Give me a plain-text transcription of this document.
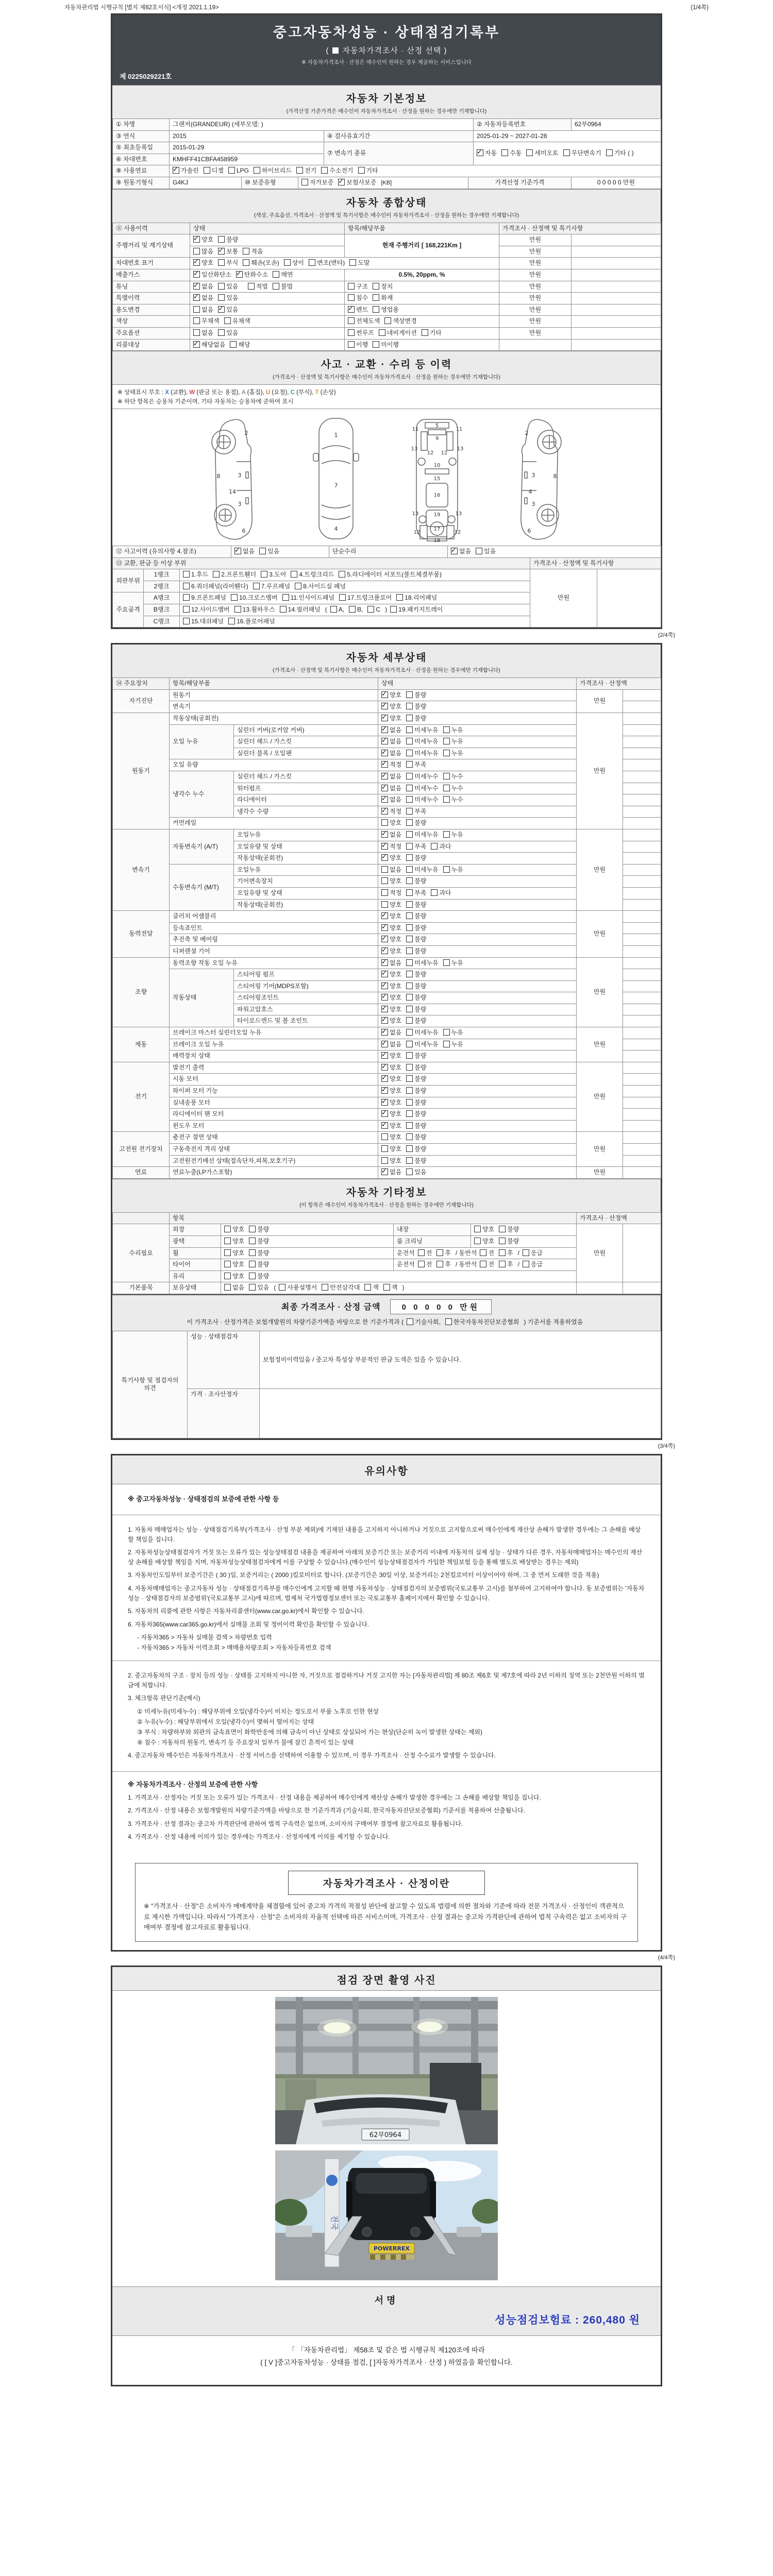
자동차관리법 시행규칙 [별지 제82호서식] <개정 2021.1.19>	(1/4쪽)
중고자동차성능 · 상태점검기록부
( 자동차가격조사 · 산정 선택 )
※ 자동차가격조사 · 산정은 매수인이 원하는 경우 제공하는 서비스입니다
제 0225029221호
자동차 기본정보
(가격산정 기준가격은 매수인이 자동차가격조사 · 산정을 원하는 경우에만 기재합니다)
① 차명	그랜저(GRANDEUR) (세부모델: )	② 자동차등록번호	62부0964
③ 연식	2015	④ 검사유효기간	2025-01-29 ~ 2027-01-28
⑤ 최초등록일	2015-01-29	⑦ 변속기 종류	✓자동 수동 세미오토 무단변속기 기타 ( )
⑥ 차대번호	KMHFF41CBFA458959		
⑧ 사용연료	✓가솔린 디젤 LPG 하이브리드 전기 수소전기 기타
⑨ 원동기형식	G4KJ	⑩ 보증유형	자가보증 ✓ 보험사보증 [KB]	가격산정 기준가격	0 0 0 0 0 만원
자동차 종합상태
(색상, 주요옵션, 가격조사 · 산정액 및 특기사항은 매수인이 자동차가격조사 · 산정을 원하는 경우에만 기재합니다)
⑪ 사용이력	상태	항목/해당부품	가격조사 · 산정액 및 특기사항	
주행거리 및 계기상태	✓양호 불량	현재 주행거리 [ 168,221Km ]	만원	
	많음 ✓ 보통 적음		만원	
차대번호 표기	✓양호 부식 훼손(오손) 상이 변조(변타) 도말		만원	
배출가스	✓일산화탄소 ✓ 탄화수소 매연	0.5%, 20ppm, %	만원	
튜닝	✓없음 있음 적법 불법	구조 장치	만원	
특별이력	✓없음 있음	침수 화재	만원	
용도변경	없음 ✓ 있음	✓렌트 영업용	만원	
색상	무채색 유채색	전체도색 색상변경	만원	
주요옵션	없음 있음	썬루프 네비게이션 기타	만원	
리콜대상	✓해당없음 해당	이행 미이행		
사고 · 교환 · 수리 등 이력
(가격조사 · 산정액 및 특기사항은 매수인이 자동차가격조사 · 산정을 원하는 경우에만 기재합니다)
※ 상태표시 부호 : X (교환), W (판금 또는 용접), A (흠집), U (요철), C (부식), T (손상)
※ 하단 항목은 승용차 기준이며, 기타 자동차는 승용차에 준하여 표시
2
8	3
14
3
6
1
7
4
5
9
11	11
13	13
12 12
10
15
16
13	13
19
12	12
17
18
2
8
3
4
3
6
⑫ 사고이력 (유의사항 4.참조)	✓없음 있음	단순수리	✓없음 있음
⑬ 교환, 판금 등 이상 부위			가격조사 · 산정액 및 특기사항	
외판부위	1랭크	1.후드 2.프론트휀더 3.도어 4.트렁크리드 5.라디에이터 서포트(볼트체결부품)	만원	
	2랭크	6.쿼더패널(리어휀다) 7.루프패널 8.사이드실 패널		
주요골격	A랭크	9.프론트패널 10.크로스멤버 11.인사이드패널 17.트렁크플로어 18.리어패널		
	B랭크	12.사이드멤버 13.휠하우스 14.필러패널 ( A, B, C ) 19.패키지트레이		
	C랭크	15.대쉬패널 16.플로어패널		
(2/4쪽)
자동차 세부상태
(가격조사 · 산정액 및 특기사항은 매수인이 자동차가격조사 · 산정을 원하는 경우에만 기재합니다)
⑭ 주요장치	항목/해당부품		상태	가격조사 · 산정액	
자기진단	원동기	✓양호 불량	만원	
	변속기	✓양호 불량	
원동기	작동상태(공회전)	✓양호 불량	만원	
	오일 누유	실린더 커버(로커암 커버)	✓없음 미세누유 누유	
		실린더 헤드 / 가스킷	✓없음 미세누유 누유	
		실린더 블록 / 오일팬	✓없음 미세누유 누유	
	오일 유량	✓적정 부족	
	냉각수 누수	실린더 헤드 / 가스킷	✓없음 미세누수 누수	
		워터펌프	✓없음 미세누수 누수	
		라디에이터	✓없음 미세누수 누수	
		냉각수 수량	✓적정 부족	
	커먼레일		양호 불량		
변속기	자동변속기 (A/T)	오일누유	✓없음 미세누유 누유	만원	
		오일유량 및 상태	✓적정 부족 과다	
		작동상태(공회전)	✓양호 불량	
	수동변속기 (M/T)	오일누유	없음 미세누유 누유		
		기어변속장치	양호 불량		
		오일유량 및 상태	적정 부족 과다		
		작동상태(공회전)	양호 불량		
동력전달	클러치 어셈블리	✓양호 불량	만원	
	등속죠인트	✓양호 불량	
	추진축 및 베어링	✓양호 불량	
	디퍼렌셜 기어	✓양호 불량	
조향	동력조향 작동 오일 누유	✓없음 미세누유 누유	만원	
	작동상태	스티어링 펌프	✓양호 불량	
		스티어링 기어(MDPS포함)	✓양호 불량	
		스티어링조인트	✓양호 불량	
		파워고압호스	✓양호 불량	
		타이로드엔드 및 볼 조인트	✓양호 불량	
제동	브레이크 마스터 실린더오일 누유	✓없음 미세누유 누유	만원	
	브레이크 오일 누유	✓없음 미세누유 누유	
	배력장치 상태	✓양호 불량	
전기	발전기 출력	✓양호 불량	만원	
	시동 모터	✓양호 불량	
	와이퍼 모터 기능	✓양호 불량	
	실내송풍 모터	✓양호 불량	
	라디에이터 팬 모터	✓양호 불량	
	윈도우 모터	✓양호 불량	
고전원 전기장치	충전구 절연 상태		양호 불량	만원	
	구동축전지 격리 상태		양호 불량		
	고전원전기배선 상태(접속단자,피복,보호기구)		양호 불량		
연료	연료누출(LP가스포함)	✓없음 있음	만원	
자동차 기타정보
(이 항목은 매수인이 자동차가격조사 · 산정을 원하는 경우에만 기재합니다)
	항목				가격조사 · 산정액	
수리필요	외장	양호 불량	내장	양호 불량	만원	
	광택	양호 불량	룸 크리닝	양호 불량		
	휠	양호 불량	운전석 전 후 / 동반석 전 후 / 응급			
	타이어	양호 불량	운전석 전 후 / 동반석 전 후 / 응급			
	유리	양호 불량				
기본품목	보유상태	없음 있음 ( 사용설명서 안전삼각대 잭 잭 )				
최종 가격조사 · 산정 금액	0 0 0 0 0 만원
이 가격조사 · 산정가격은 보험개발원의 차량기준가액을 바탕으로 한 기준가격과 ( 기술사회, 한국자동차진단보증협회 ) 기준서를 적용하였음
특기사항 및 점검자의 의견	성능 · 상태점검자	보험정비이력있음 / 중고차 특성상 부분적인 판금 도색은 있을 수 있습니다.
	가격 · 조사산정자	
(3/4쪽)
유의사항
※ 중고자동차성능 · 상태점검의 보증에 관한 사항 등
1. 자동차 매매업자는 성능 · 상태점검기록부(가격조사 · 산정 부분 제외)에 기재된 내용을 고지하지 아니하거나 거짓으로 고지함으로써 매수인에게 재산상 손해가 발생한 경우에는 그 손해를 배상할 책임을 집니다.
2. 자동차성능상태점검자가 거짓 또는 오류가 있는 성능상태점검 내용을 제공하여 아래의 보증기간 또는 보증거리 이내에 자동차의 실제 성능 · 상태가 다른 경우, 자동차매매업자는 매수인의 재산상 손해를 배상할 책임을 지며, 자동차성능상태점검자에게 이를 구상할 수 있습니다.(매수인이 성능상태점검자가 가입한 책임보험 등을 통해 별도로 배상받는 경우는 제외)
3. 자동차인도일부터 보증기간은 ( 30 )일, 보증거리는 ( 2000 )킬로미터로 합니다. (보증기간은 30일 이상, 보증거리는 2천킬로미터 이상이어야 하며, 그 중 먼저 도래한 것을 적용)
4. 자동차매매업자는 중고자동차 성능 · 상태점검기록부를 매수인에게 고지할 때 현행 자동차성능 · 상태점검자의 보증범위(국토교통부 고시)를 첨부하여 고지하여야 합니다. 동 보증범위는 '자동차성능 · 상태점검자의 보증범위'(국토교통부 고시)에 따르며, 법제처 국가법령정보센터 또는 국토교통부 홈페이지에서 확인할 수 있습니다.
5. 자동차의 리콜에 관한 사항은 자동차리콜센터(www.car.go.kr)에서 확인할 수 있습니다.
6. 자동차365(www.car365.go.kr)에서 실매물 조회 및 정비이력 확인을 확인할 수 있습니다.
- 자동차365 > 자동차 실매물 검색 > 차량번호 입력
- 자동차365 > 자동차 이력조회 > 매매용차량조회 > 자동차등록번호 검색
2. 중고자동차의 구조 · 장치 등의 성능 · 상태를 고지하지 아니한 자, 거짓으로 점검하거나 거짓 고지한 자는 [자동차관리법] 제 80조 제6호 및 제7호에 따라 2년 이하의 징역 또는 2천만원 이하의 벌금에 처합니다.
3. 체크항목 판단기준(예시)
① 미세누유(미세누수) : 해당부위에 오일(냉각수)이 비치는 정도로서 부품 노후로 인한 현상
② 누유(누수) : 해당부위에서 오일(냉각수)이 맺혀서 떨어지는 상태
③ 부식 : 차량하부와 외판의 금속표면이 화학반응에 의해 금속이 아닌 상태로 상실되어 가는 현상(단순히 녹이 발생한 상태는 제외)
④ 침수 : 자동차의 원동기, 변속기 등 주요장치 일부가 물에 잠긴 흔적이 있는 상태
4. 중고자동차 매수인은 자동차가격조사 · 산정 서비스를 선택하여 이용할 수 있으며, 이 경우 가격조사 · 산정 수수료가 발생할 수 있습니다.
※ 자동차가격조사 · 산정의 보증에 관한 사항
1. 가격조사 · 산정자는 거짓 또는 오류가 있는 가격조사 · 산정 내용을 제공하여 매수인에게 재산상 손해가 발생한 경우에는 그 손해를 배상할 책임을 집니다.
2. 가격조사 · 산정 내용은 보험개발원의 차량기준가액을 바탕으로 한 기준가격과 (기술사회, 한국자동차진단보증협회) 기준서를 적용하여 산출됩니다.
3. 가격조사 · 산정 결과는 중고차 가격판단에 관하여 법적 구속력은 없으며, 소비자의 구매여부 결정에 참고자료로 활용됩니다.
4. 가격조사 · 산정 내용에 이의가 있는 경우에는 가격조사 · 산정자에게 이의를 제기할 수 있습니다.
자동차가격조사 · 산정이란
※ "가격조사 · 산정"은 소비자가 매매계약을 체결함에 있어 중고차 가격의 적절성 판단에 참고할 수 있도록 법령에 의한 절차와 기준에 따라 전문 가격조사 · 산정인이 객관적으로 제시한 가액입니다. 따라서 "가격조사 · 산정"은 소비자의 자율적 선택에 따른 서비스이며, 가격조사 · 산정 결과는 중고차 가격판단에 관하여 법적 구속력은 없고 소비자의 구매여부 결정에 참고자료로 활용됩니다.
(4/4쪽)
점검 장면 촬영 사진
62부0964
전국
POWERREX
서명
성능점검보험료 : 260,480 원
「 「자동차관리법」 제58조 및 같은 법 시행규칙 제120조에 따라
( [ V ]중고자동차성능 · 상태를 점검, [ ]자동차가격조사 · 산정 ) 하였음을 확인합니다.
